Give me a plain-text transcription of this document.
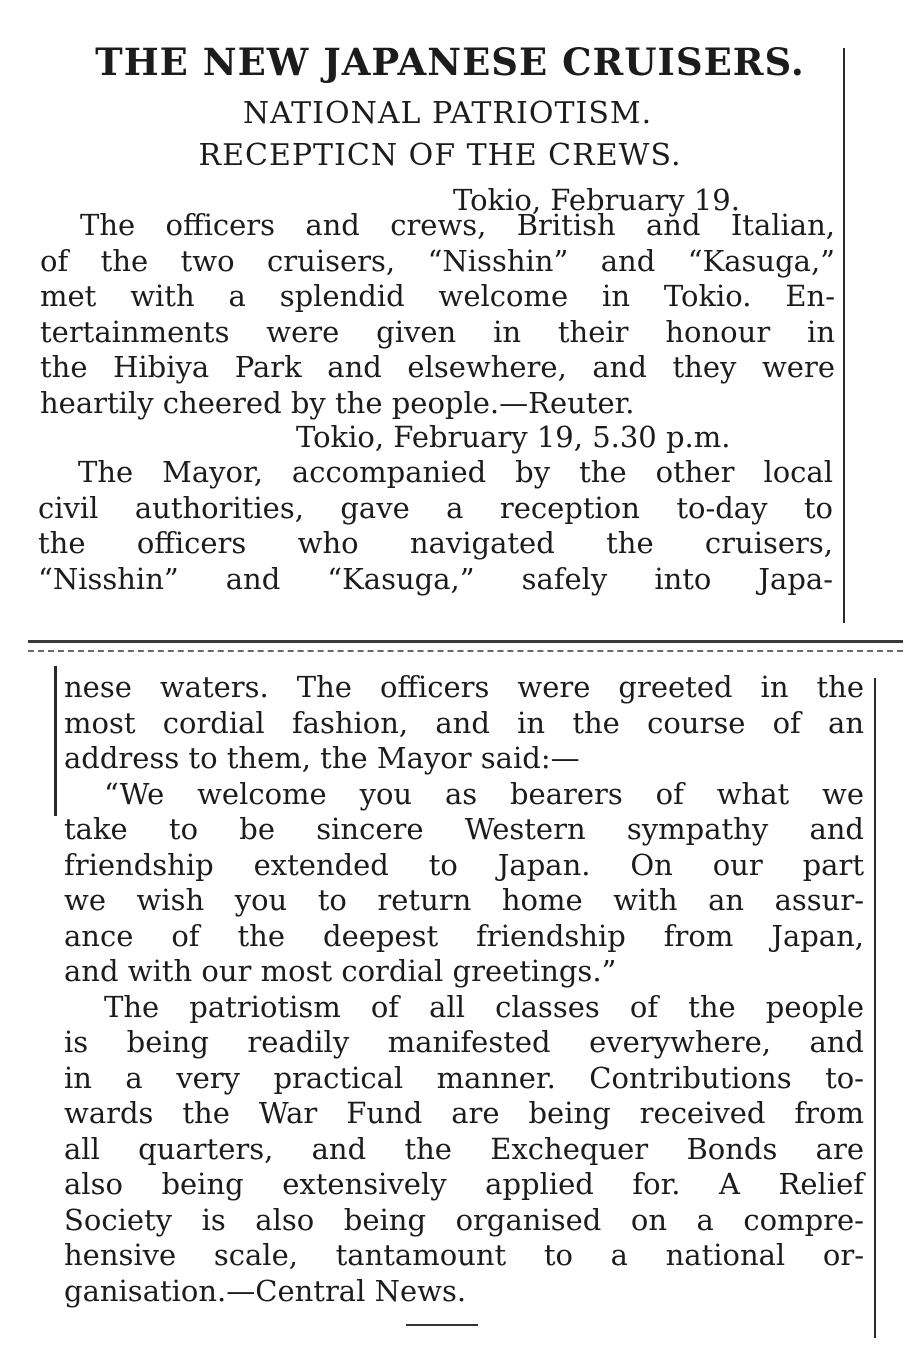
THE NEW JAPANESE CRUISERS.
NATIONAL PATRIOTISM.
RECEPTICN OF THE CREWS.
Tokio, February 19.
The officers and crews, British and Italian,
of the two cruisers, “Nisshin” and “Kasuga,”
met with a splendid welcome in Tokio. En-
tertainments were given in their honour in
the Hibiya Park and elsewhere, and they were
heartily cheered by the people.—Reuter.
Tokio, February 19, 5.30 p.m.
The Mayor, accompanied by the other local
civil authorities, gave a reception to-day to
the officers who navigated the cruisers,
“Nisshin” and “Kasuga,” safely into Japa-
nese waters. The officers were greeted in the
most cordial fashion, and in the course of an
address to them, the Mayor said:—
“We welcome you as bearers of what we
take to be sincere Western sympathy and
friendship extended to Japan. On our part
we wish you to return home with an assur-
ance of the deepest friendship from Japan,
and with our most cordial greetings.”
The patriotism of all classes of the people
is being readily manifested everywhere, and
in a very practical manner. Contributions to-
wards the War Fund are being received from
all quarters, and the Exchequer Bonds are
also being extensively applied for. A Relief
Society is also being organised on a compre-
hensive scale, tantamount to a national or-
ganisation.—Central News.
